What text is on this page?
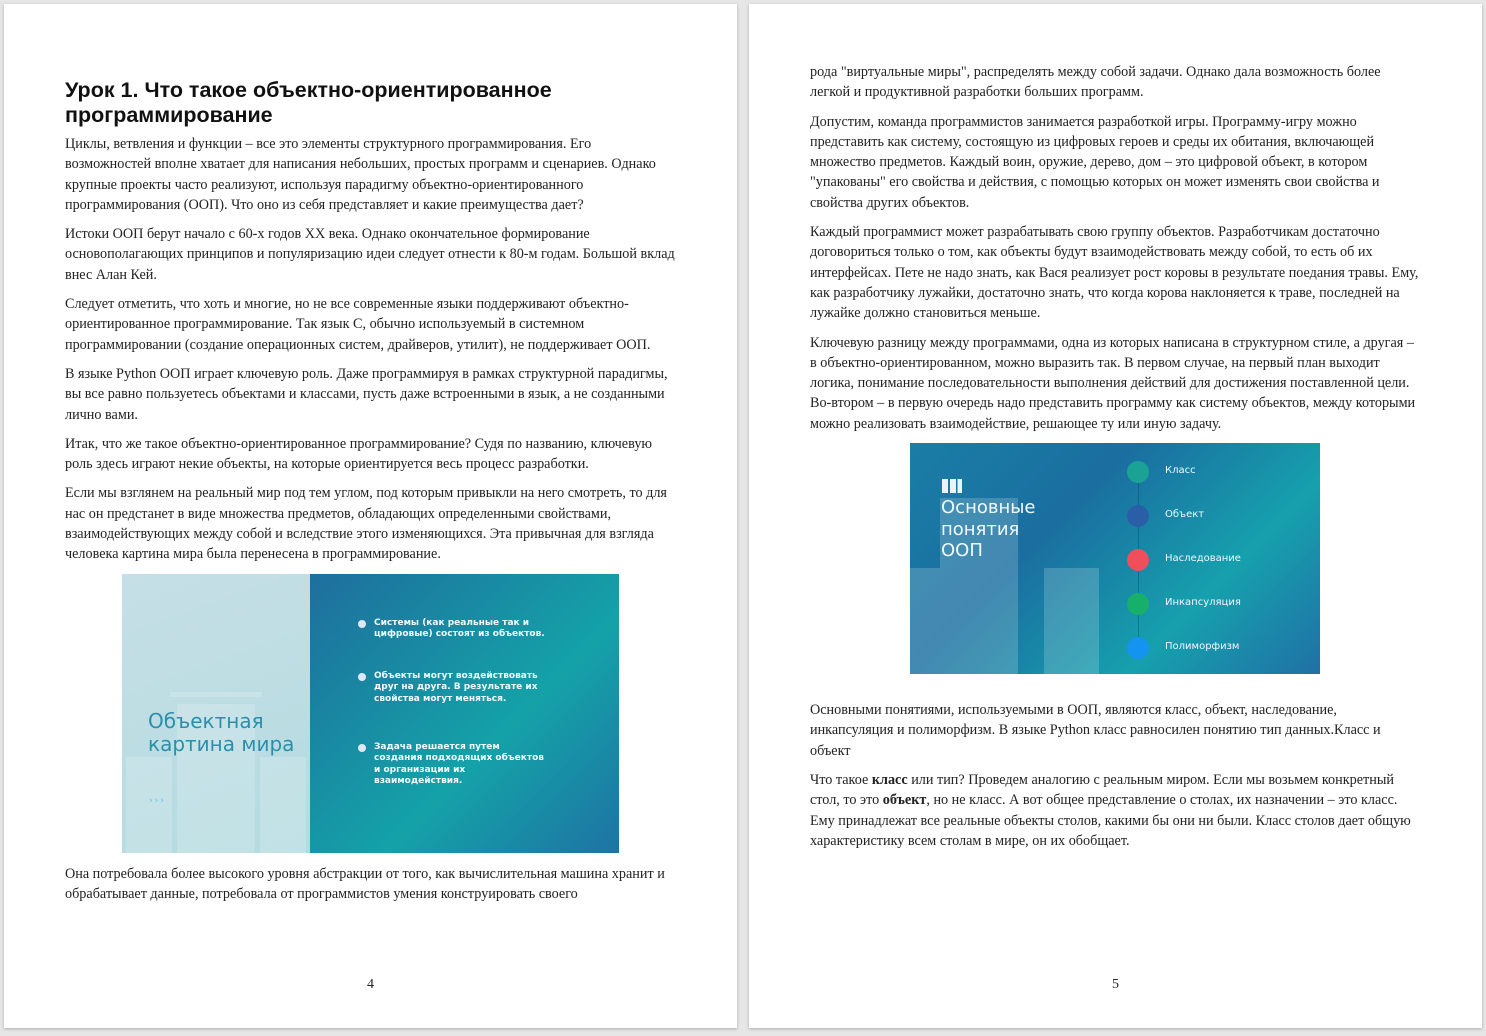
Урок 1. Что такое объектно-ориентированное программирование

Циклы, ветвления и функции – все это элементы структурного программирования. Его возможностей вполне хватает для написания небольших, простых программ и сценариев. Однако крупные проекты часто реализуют, используя парадигму объектно-ориентированного программирования (ООП). Что оно из себя представляет и какие преимущества дает?

Истоки ООП берут начало с 60-х годов XX века. Однако окончательное формирование основополагающих принципов и популяризацию идеи следует отнести к 80-м годам. Большой вклад внес Алан Кей.

Следует отметить, что хоть и многие, но не все современные языки поддерживают объектно-ориентированное программирование. Так язык C, обычно используемый в системном программировании (создание операционных систем, драйверов, утилит), не поддерживает ООП.

В языке Python ООП играет ключевую роль. Даже программируя в рамках структурной парадигмы, вы все равно пользуетесь объектами и классами, пусть даже встроенными в язык, а не созданными лично вами.

Итак, что же такое объектно-ориентированное программирование? Судя по названию, ключевую роль здесь играют некие объекты, на которые ориентируется весь процесс разработки.

Если мы взглянем на реальный мир под тем углом, под которым привыкли на него смотреть, то для нас он предстанет в виде множества предметов, обладающих определенными свойствами, взаимодействующих между собой и вследствие этого изменяющихся. Эта привычная для взгляда человека картина мира была перенесена в программирование.

Объектная картина мира
›››
Системы (как реальные так и цифровые) состоят из объектов.
Объекты могут воздействовать друг на друга. В результате их свойства могут меняться.
Задача решается путем создания подходящих объектов и организации их взаимодействия.

Она потребовала более высокого уровня абстракции от того, как вычислительная машина хранит и обрабатывает данные, потребовала от программистов умения конструировать своего

4

рода "виртуальные миры", распределять между собой задачи. Однако дала возможность более легкой и продуктивной разработки больших программ.

Допустим, команда программистов занимается разработкой игры. Программу-игру можно представить как систему, состоящую из цифровых героев и среды их обитания, включающей множество предметов. Каждый воин, оружие, дерево, дом – это цифровой объект, в котором "упакованы" его свойства и действия, с помощью которых он может изменять свои свойства и свойства других объектов.

Каждый программист может разрабатывать свою группу объектов. Разработчикам достаточно договориться только о том, как объекты будут взаимодействовать между собой, то есть об их интерфейсах. Пете не надо знать, как Вася реализует рост коровы в результате поедания травы. Ему, как разработчику лужайки, достаточно знать, что когда корова наклоняется к траве, последней на лужайке должно становиться меньше.

Ключевую разницу между программами, одна из которых написана в структурном стиле, а другая – в объектно-ориентированном, можно выразить так. В первом случае, на первый план выходит логика, понимание последовательности выполнения действий для достижения поставленной цели. Во-втором – в первую очередь надо представить программу как систему объектов, между которыми можно реализовать взаимодействие, решающее ту или иную задачу.

Основные понятия ООП
Класс
Объект
Наследование
Инкапсуляция
Полиморфизм

Основными понятиями, используемыми в ООП, являются класс, объект, наследование, инкапсуляция и полиморфизм. В языке Python класс равносилен понятию тип данных.Класс и объект

Что такое класс или тип? Проведем аналогию с реальным миром. Если мы возьмем конкретный стол, то это объект, но не класс. А вот общее представление о столах, их назначении – это класс. Ему принадлежат все реальные объекты столов, какими бы они ни были. Класс столов дает общую характеристику всем столам в мире, он их обобщает.

5
